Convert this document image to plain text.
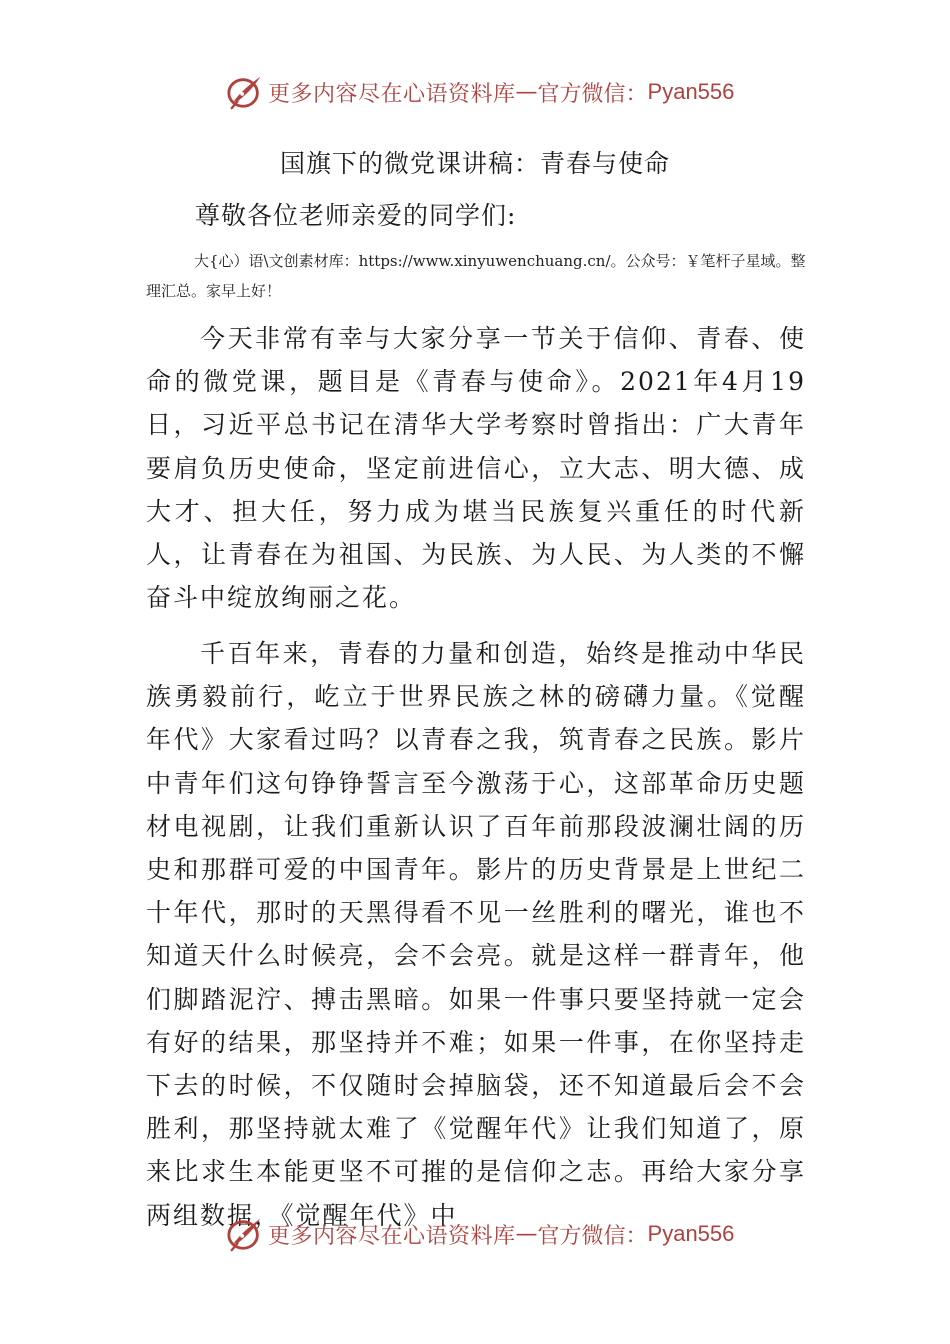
更多内容尽在心语资料库 — 官方微信： Pyan556
国旗下的微党课讲稿：青春与使命

尊敬各位老师亲爱的同学们:

大{心）语\文创素材库：https://www.xinyuwenchuang.cn/。公众号：￥笔杆子星域。整理汇总。家早上好！

今天非常有幸与大家分享一节关于信仰、青春、使命的微党课，题目是《青春与使命》。2021年4月19日，习近平总书记在清华大学考察时曾指出：广大青年要肩负历史使命，坚定前进信心，立大志、明大德、成大才、担大任，努力成为堪当民族复兴重任的时代新人，让青春在为祖国、为民族、为人民、为人类的不懈奋斗中绽放绚丽之花。

千百年来，青春的力量和创造，始终是推动中华民族勇毅前行，屹立于世界民族之林的磅礴力量。《觉醒年代》大家看过吗？以青春之我，筑青春之民族。影片中青年们这句铮铮誓言至今激荡于心，这部革命历史题材电视剧，让我们重新认识了百年前那段波澜壮阔的历史和那群可爱的中国青年。影片的历史背景是上世纪二十年代，那时的天黑得看不见一丝胜利的曙光，谁也不知道天什么时候亮，会不会亮。就是这样一群青年，他们脚踏泥泞、搏击黑暗。如果一件事只要坚持就一定会有好的结果，那坚持并不难；如果一件事，在你坚持走下去的时候，不仅随时会掉脑袋，还不知道最后会不会胜利，那坚持就太难了《觉醒年代》让我们知道了，原来比求生本能更坚不可摧的是信仰之志。再给大家分享两组数据，《觉醒年代》中

更多内容尽在心语资料库 — 官方微信： Pyan556
